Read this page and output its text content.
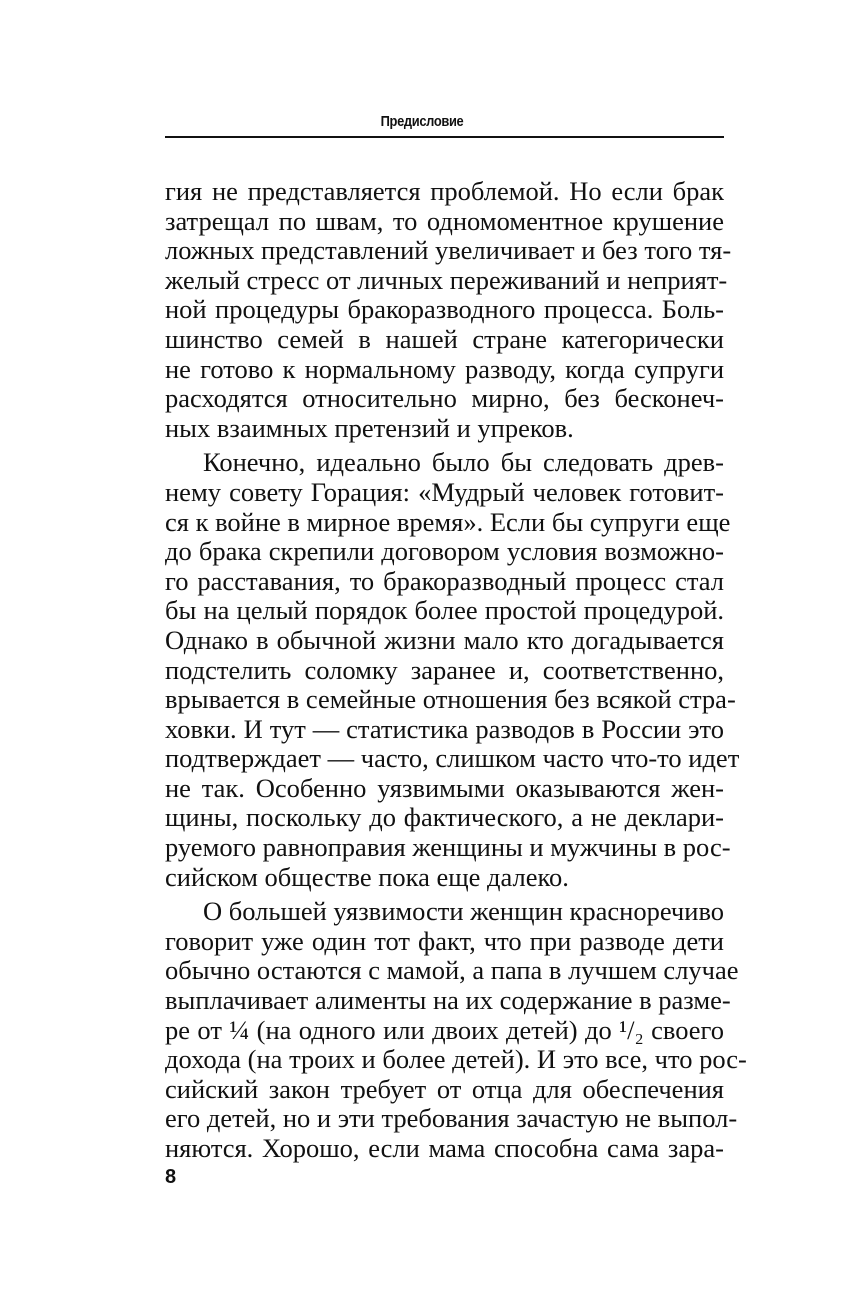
Предисловие
гия не представляется проблемой. Но если брак
затрещал по швам, то одномоментное крушение
ложных представлений увеличивает и без того тя-
желый стресс от личных переживаний и неприят-
ной процедуры бракоразводного процесса. Боль-
шинство семей в нашей стране категорически
не готово к нормальному разводу, когда супруги
расходятся относительно мирно, без бесконеч-
ных взаимных претензий и упреков.
Конечно, идеально было бы следовать древ-
нему совету Горация: «Мудрый человек готовит-
ся к войне в мирное время». Если бы супруги еще
до брака скрепили договором условия возможно-
го расставания, то бракоразводный процесс стал
бы на целый порядок более простой процедурой.
Однако в обычной жизни мало кто догадывается
подстелить соломку заранее и, соответственно,
врывается в семейные отношения без всякой стра-
ховки. И тут — статистика разводов в России это
подтверждает — часто, слишком часто что-то идет
не так. Особенно уязвимыми оказываются жен-
щины, поскольку до фактического, а не деклари-
руемого равноправия женщины и мужчины в рос-
сийском обществе пока еще далеко.
О большей уязвимости женщин красноречиво
говорит уже один тот факт, что при разводе дети
обычно остаются с мамой, а папа в лучшем случае
выплачивает алименты на их содержание в разме-
ре от ¼ (на одного или двоих детей) до ¹/₂ своего
дохода (на троих и более детей). И это все, что рос-
сийский закон требует от отца для обеспечения
его детей, но и эти требования зачастую не выпол-
няются. Хорошо, если мама способна сама зара-
8
